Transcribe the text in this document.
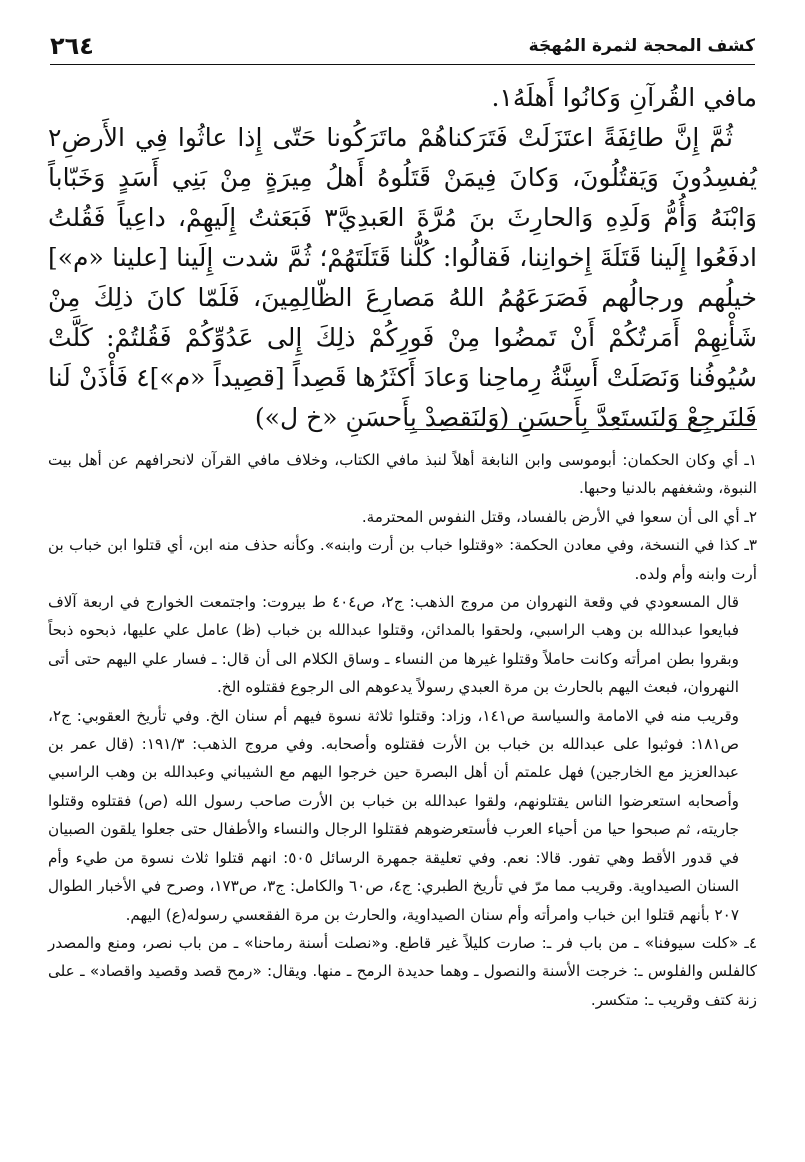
٢٦٤	كشف المحجة لثمرة المُهجَة

مافي القُرآنِ وَكانُوا أَهلَهُ١.

ثُمَّ إِنَّ طائِفَةً اعتَزَلَتْ فَتَرَكناهُمْ ماتَرَكُونا حَتّى إِذا عاثُوا فِي الأَرضِ٢ يُفسِدُونَ وَيَقتُلُونَ، وَكانَ فِيمَنْ قَتَلُوهُ أَهلُ مِيرَةٍ مِنْ بَنِي أَسَدٍ وَخَبّاباً وَابْنَهُ وَأُمُّ وَلَدِهِ وَالحارِثَ بنَ مُرَّةَ العَبدِيَّ٣ فَبَعَثتُ إِلَيهِمْ، داعِياً فَقُلتُ ادفَعُوا إِلَينا قَتَلَةَ إِخوانِنا، فَقالُوا: كُلُّنا قَتَلَتَهُمْ؛ ثُمَّ شدت إِلَينا [علينا «م»] خيلُهم ورجالُهم فَصَرَعَهُمُ اللهُ مَصارِعَ الظّالِمِينَ، فَلَمّا كانَ ذلِكَ مِنْ شَأْنِهِمْ أَمَرتُكُمْ أَنْ تَمضُوا مِنْ فَورِكُمْ ذلِكَ إِلى عَدُوِّكُمْ فَقُلتُمْ: كَلَّتْ سُيُوفُنا وَنَصَلَتْ أَسِنَّةُ رِماحِنا وَعادَ أَكثَرُها قَصِداً [قصِيداً «م»]٤ فَأْذَنْ لَنا فَلنَرجِعْ وَلنَستَعِدَّ بِأَحسَنِ (وَلنَقصِدْ بِأَحسَنِ «خ ل»)

١ـ أي وكان الحكمان: أبوموسى وابن النابغة أهلاً لنبذ مافي الكتاب، وخلاف مافي القرآن لانحرافهم عن أهل بيت النبوة، وشغفهم بالدنيا وحبها.

٢ـ أي الى أن سعوا في الأرض بالفساد، وقتل النفوس المحترمة.

٣ـ كذا في النسخة، وفي معادن الحكمة: «وقتلوا خباب بن أرت وابنه». وكأنه حذف منه ابن، أي قتلوا ابن خباب بن أرت وابنه وأم ولده.

قال المسعودي في وقعة النهروان من مروج الذهب: ج٢، ص٤٠٤ ط بيروت: واجتمعت الخوارج في اربعة آلاف فبايعوا عبدالله بن وهب الراسبي، ولحقوا بالمدائن، وقتلوا عبدالله بن خباب (ظ) عامل علي عليها، ذبحوه ذبحاً وبقروا بطن امرأته وكانت حاملاً وقتلوا غيرها من النساء ـ وساق الكلام الى أن قال: ـ فسار علي اليهم حتى أتى النهروان، فبعث اليهم بالحارث بن مرة العبدي رسولاً يدعوهم الى الرجوع فقتلوه الخ.

وقريب منه في الامامة والسياسة ص١٤١، وزاد: وقتلوا ثلاثة نسوة فيهم أم سنان الخ. وفي تأريخ العقوبي: ج٢، ص١٨١: فوثبوا على عبدالله بن خباب بن الأرت فقتلوه وأصحابه. وفي مروج الذهب: ١٩١/٣: (قال عمر بن عبدالعزيز مع الخارجين) فهل علمتم أن أهل البصرة حين خرجوا اليهم مع الشيباني وعبدالله بن وهب الراسبي وأصحابه استعرضوا الناس يقتلونهم، ولقوا عبدالله بن خباب بن الأرت صاحب رسول الله (ص) فقتلوه وقتلوا جاريته، ثم صبحوا حيا من أحياء العرب فأستعرضوهم فقتلوا الرجال والنساء والأطفال حتى جعلوا يلقون الصبيان في قدور الأقط وهي تفور. قالا: نعم. وفي تعليقة جمهرة الرسائل ٥٠٥: انهم قتلوا ثلاث نسوة من طيء وأم السنان الصيداوية. وقريب مما مرّ في تأريخ الطبري: ج٤، ص٦٠ والكامل: ج٣، ص١٧٣، وصرح في الأخبار الطوال ٢٠٧ بأنهم قتلوا ابن خباب وامرأته وأم سنان الصيداوية، والحارث بن مرة الفقعسي رسوله(ع) اليهم.

٤ـ «كلت سيوفنا» ـ من باب فر ـ: صارت كليلاً غير قاطع. و«نصلت أسنة رماحنا» ـ من باب نصر، ومنع والمصدر كالفلس والفلوس ـ: خرجت الأسنة والنصول ـ وهما حديدة الرمح ـ منها. ويقال: «رمح قصد وقصيد واقصاد» ـ على زنة كتف وقريب ـ: متكسر.
